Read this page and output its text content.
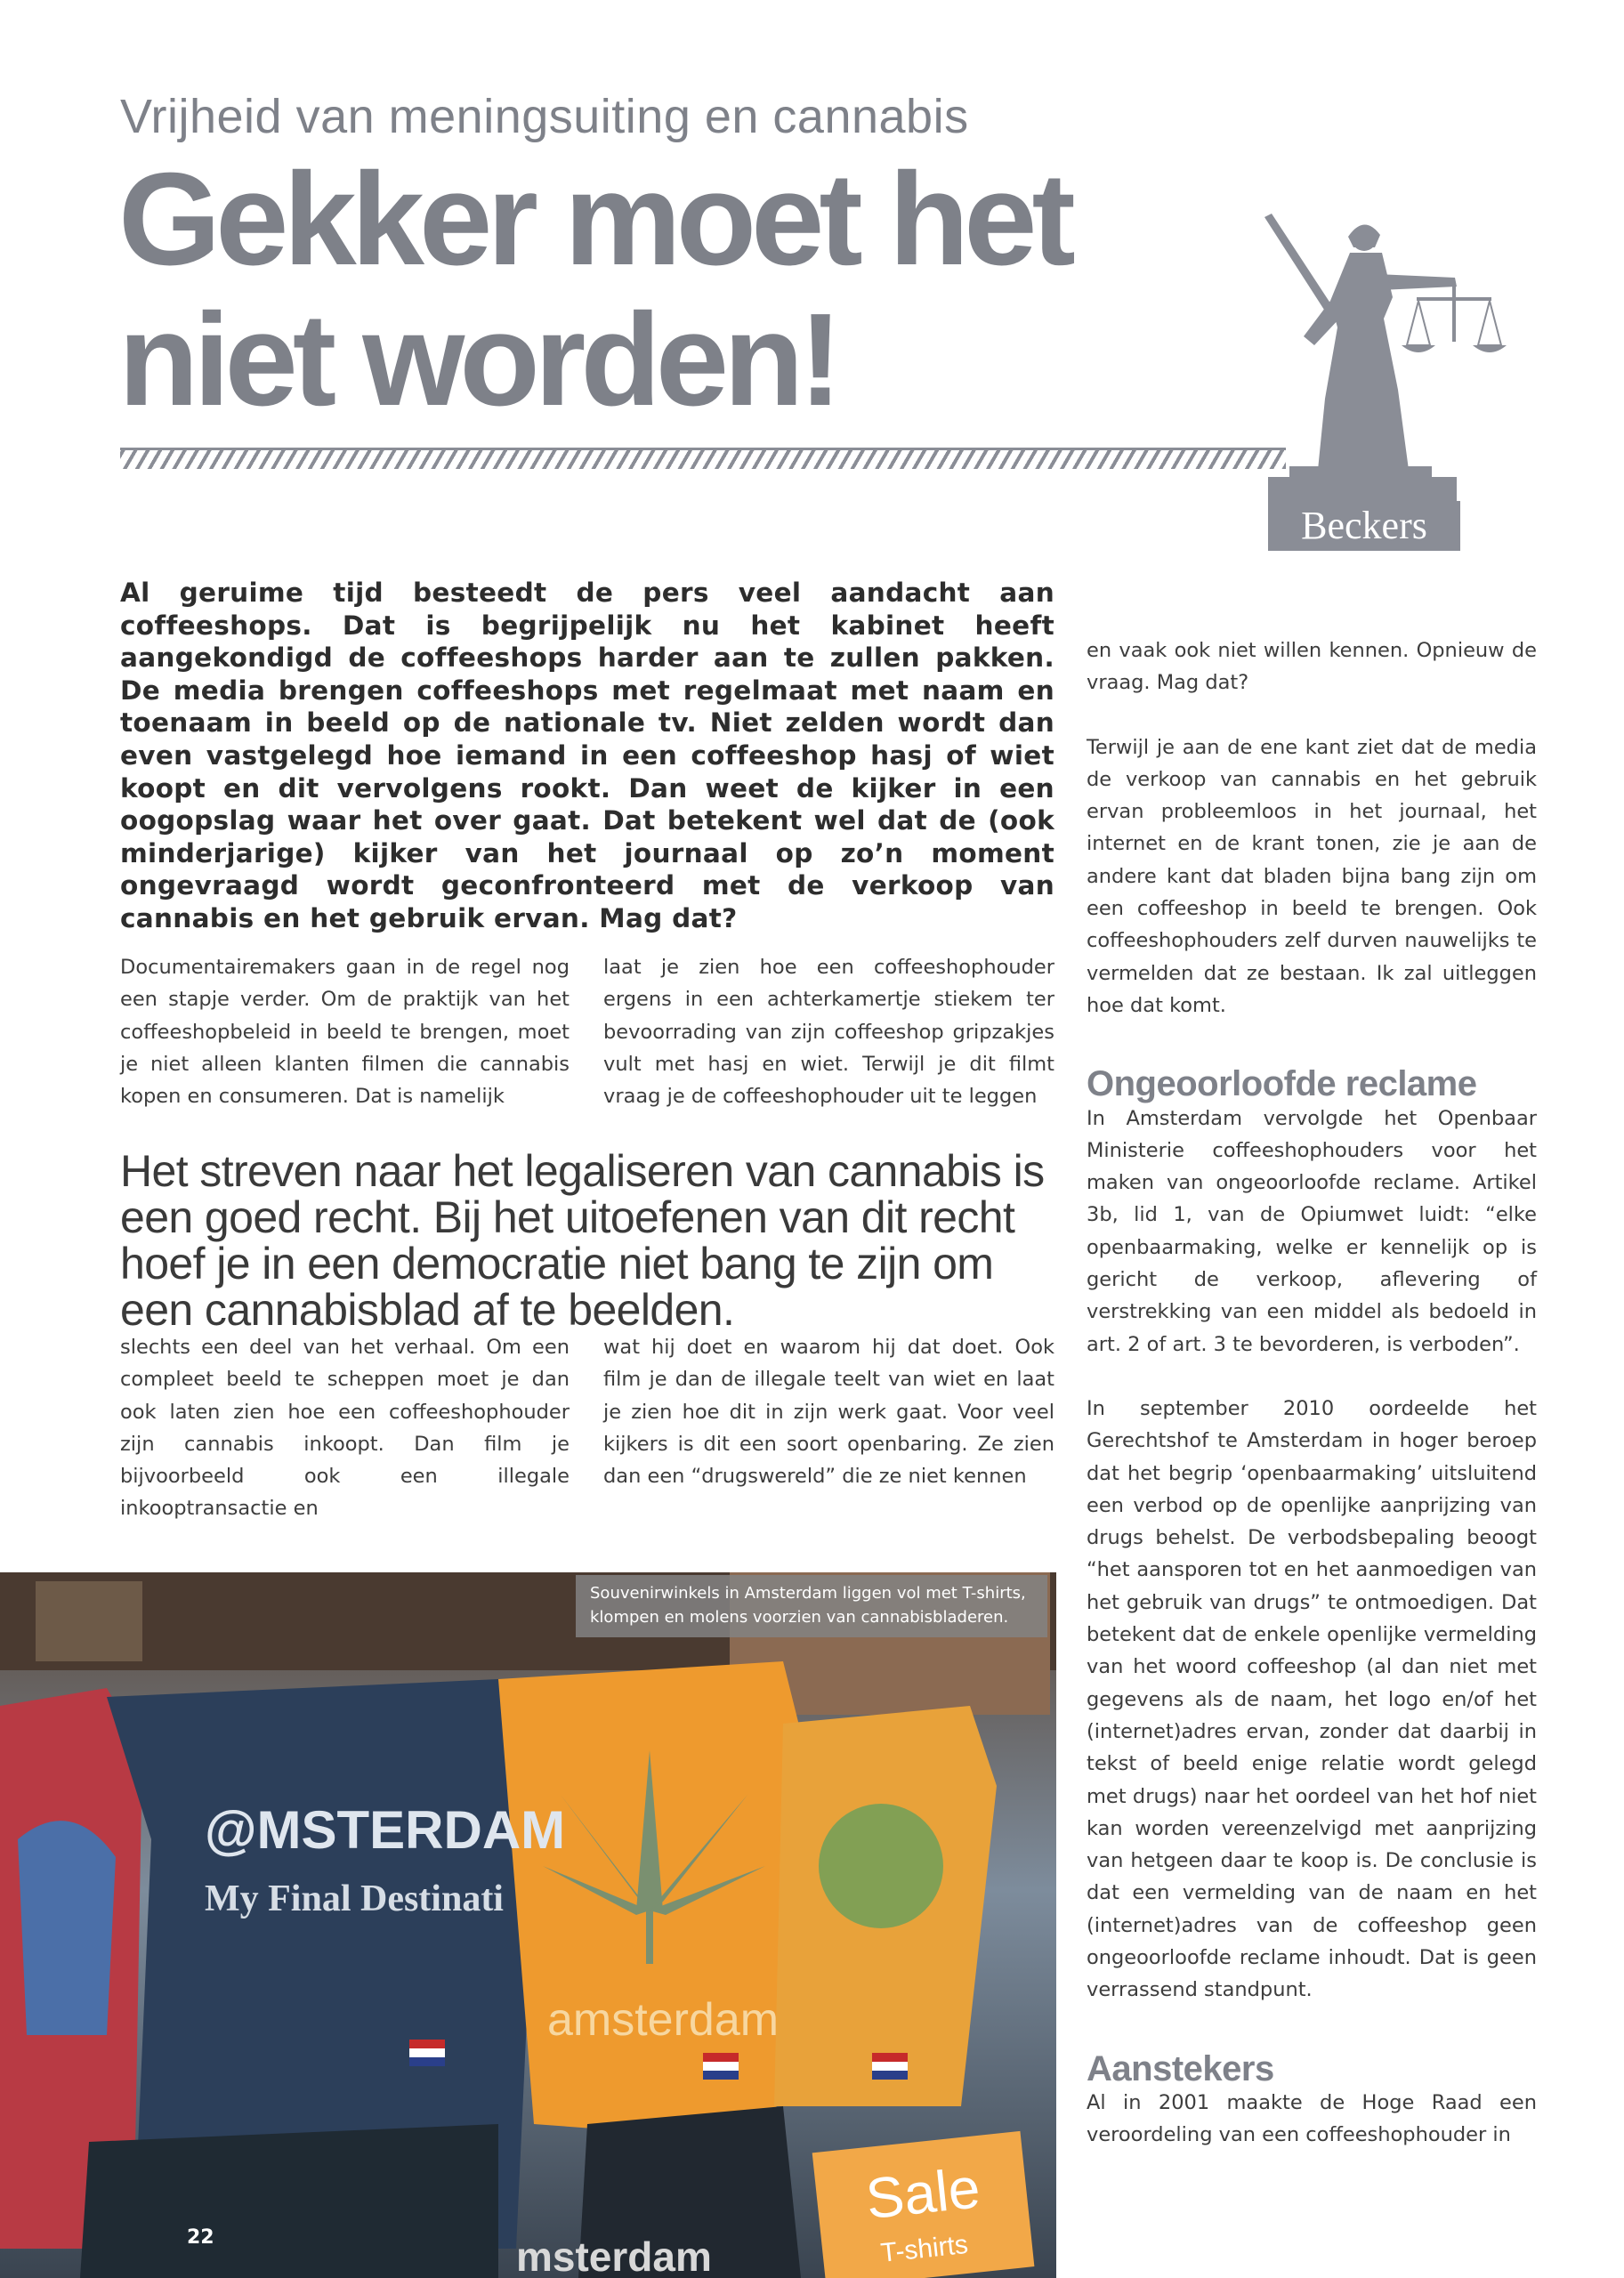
Vrijheid van meningsuiting en cannabis
Gekker moet het
niet worden!
Beckers
Al geruime tijd besteedt de pers veel aandacht aan coffeeshops. Dat is begrijpelijk nu het kabinet heeft aangekondigd de coffeeshops harder aan te zullen pakken. De media brengen coffeeshops met regelmaat met naam en toenaam in beeld op de nationale tv. Niet zelden wordt dan even vastgelegd hoe iemand in een coffeeshop hasj of wiet koopt en dit vervolgens rookt. Dan weet de kijker in een oogopslag waar het over gaat. Dat betekent wel dat de (ook minderjarige) kijker van het journaal op zo’n moment ongevraagd wordt geconfronteerd met de verkoop van cannabis en het gebruik ervan. Mag dat?

Documentairemakers gaan in de regel nog een stapje verder. Om de praktijk van het coffeeshopbeleid in beeld te brengen, moet je niet alleen klanten filmen die cannabis kopen en consumeren. Dat is namelijk

laat je zien hoe een coffeeshophouder ergens in een achterkamertje stiekem ter bevoorrading van zijn coffeeshop gripzakjes vult met hasj en wiet. Terwijl je dit filmt vraag je de coffeeshophouder uit te leggen

Het streven naar het legaliseren van cannabis is een goed recht. Bij het uitoefenen van dit recht hoef je in een democratie niet bang te zijn om een cannabisblad af te beelden.

slechts een deel van het verhaal. Om een compleet beeld te scheppen moet je dan ook laten zien hoe een coffeeshophouder zijn cannabis inkoopt. Dan film je bijvoorbeeld ook een illegale inkooptransactie en

wat hij doet en waarom hij dat doet. Ook film je dan de illegale teelt van wiet en laat je zien hoe dit in zijn werk gaat. Voor veel kijkers is dit een soort openbaring. Ze zien dan een “drugswereld” die ze niet kennen

en vaak ook niet willen kennen. Opnieuw de vraag. Mag dat?

Terwijl je aan de ene kant ziet dat de media de verkoop van cannabis en het gebruik ervan probleemloos in het journaal, het internet en de krant tonen, zie je aan de andere kant dat bladen bijna bang zijn om een coffeeshop in beeld te brengen. Ook coffeeshophouders zelf durven nauwelijks te vermelden dat ze bestaan. Ik zal uitleggen hoe dat komt.

Ongeoorloofde reclame

In Amsterdam vervolgde het Openbaar Ministerie coffeeshophouders voor het maken van ongeoorloofde reclame. Artikel 3b, lid 1, van de Opiumwet luidt: “elke openbaarmaking, welke er kennelijk op is gericht de verkoop, aflevering of verstrekking van een middel als bedoeld in art. 2 of art. 3 te bevorderen, is verboden”.

In september 2010 oordeelde het Gerechtshof te Amsterdam in hoger beroep dat het begrip ‘openbaarmaking’ uitsluitend een verbod op de openlijke aanprijzing van drugs behelst. De verbodsbepaling beoogt “het aansporen tot en het aanmoedigen van het gebruik van drugs” te ontmoedigen. Dat betekent dat de enkele openlijke vermelding van het woord coffeeshop (al dan niet met gegevens als de naam, het logo en/of het (internet)adres ervan, zonder dat daarbij in tekst of beeld enige relatie wordt gelegd met drugs) naar het oordeel van het hof niet kan worden vereenzelvigd met aanprijzing van hetgeen daar te koop is. De conclusie is dat een vermelding van de naam en het (internet)adres van de coffeeshop geen ongeoorloofde reclame inhoudt. Dat is geen verrassend standpunt.

Aanstekers

Al in 2001 maakte de Hoge Raad een veroordeling van een coffeeshophouder in

@MSTERDAM
My Final Destinati
amsterdam
Sale
T-shirts
msterdam
Souvenirwinkels in Amsterdam liggen vol met T-shirts, klompen en molens voorzien van cannabisbladeren.
22
